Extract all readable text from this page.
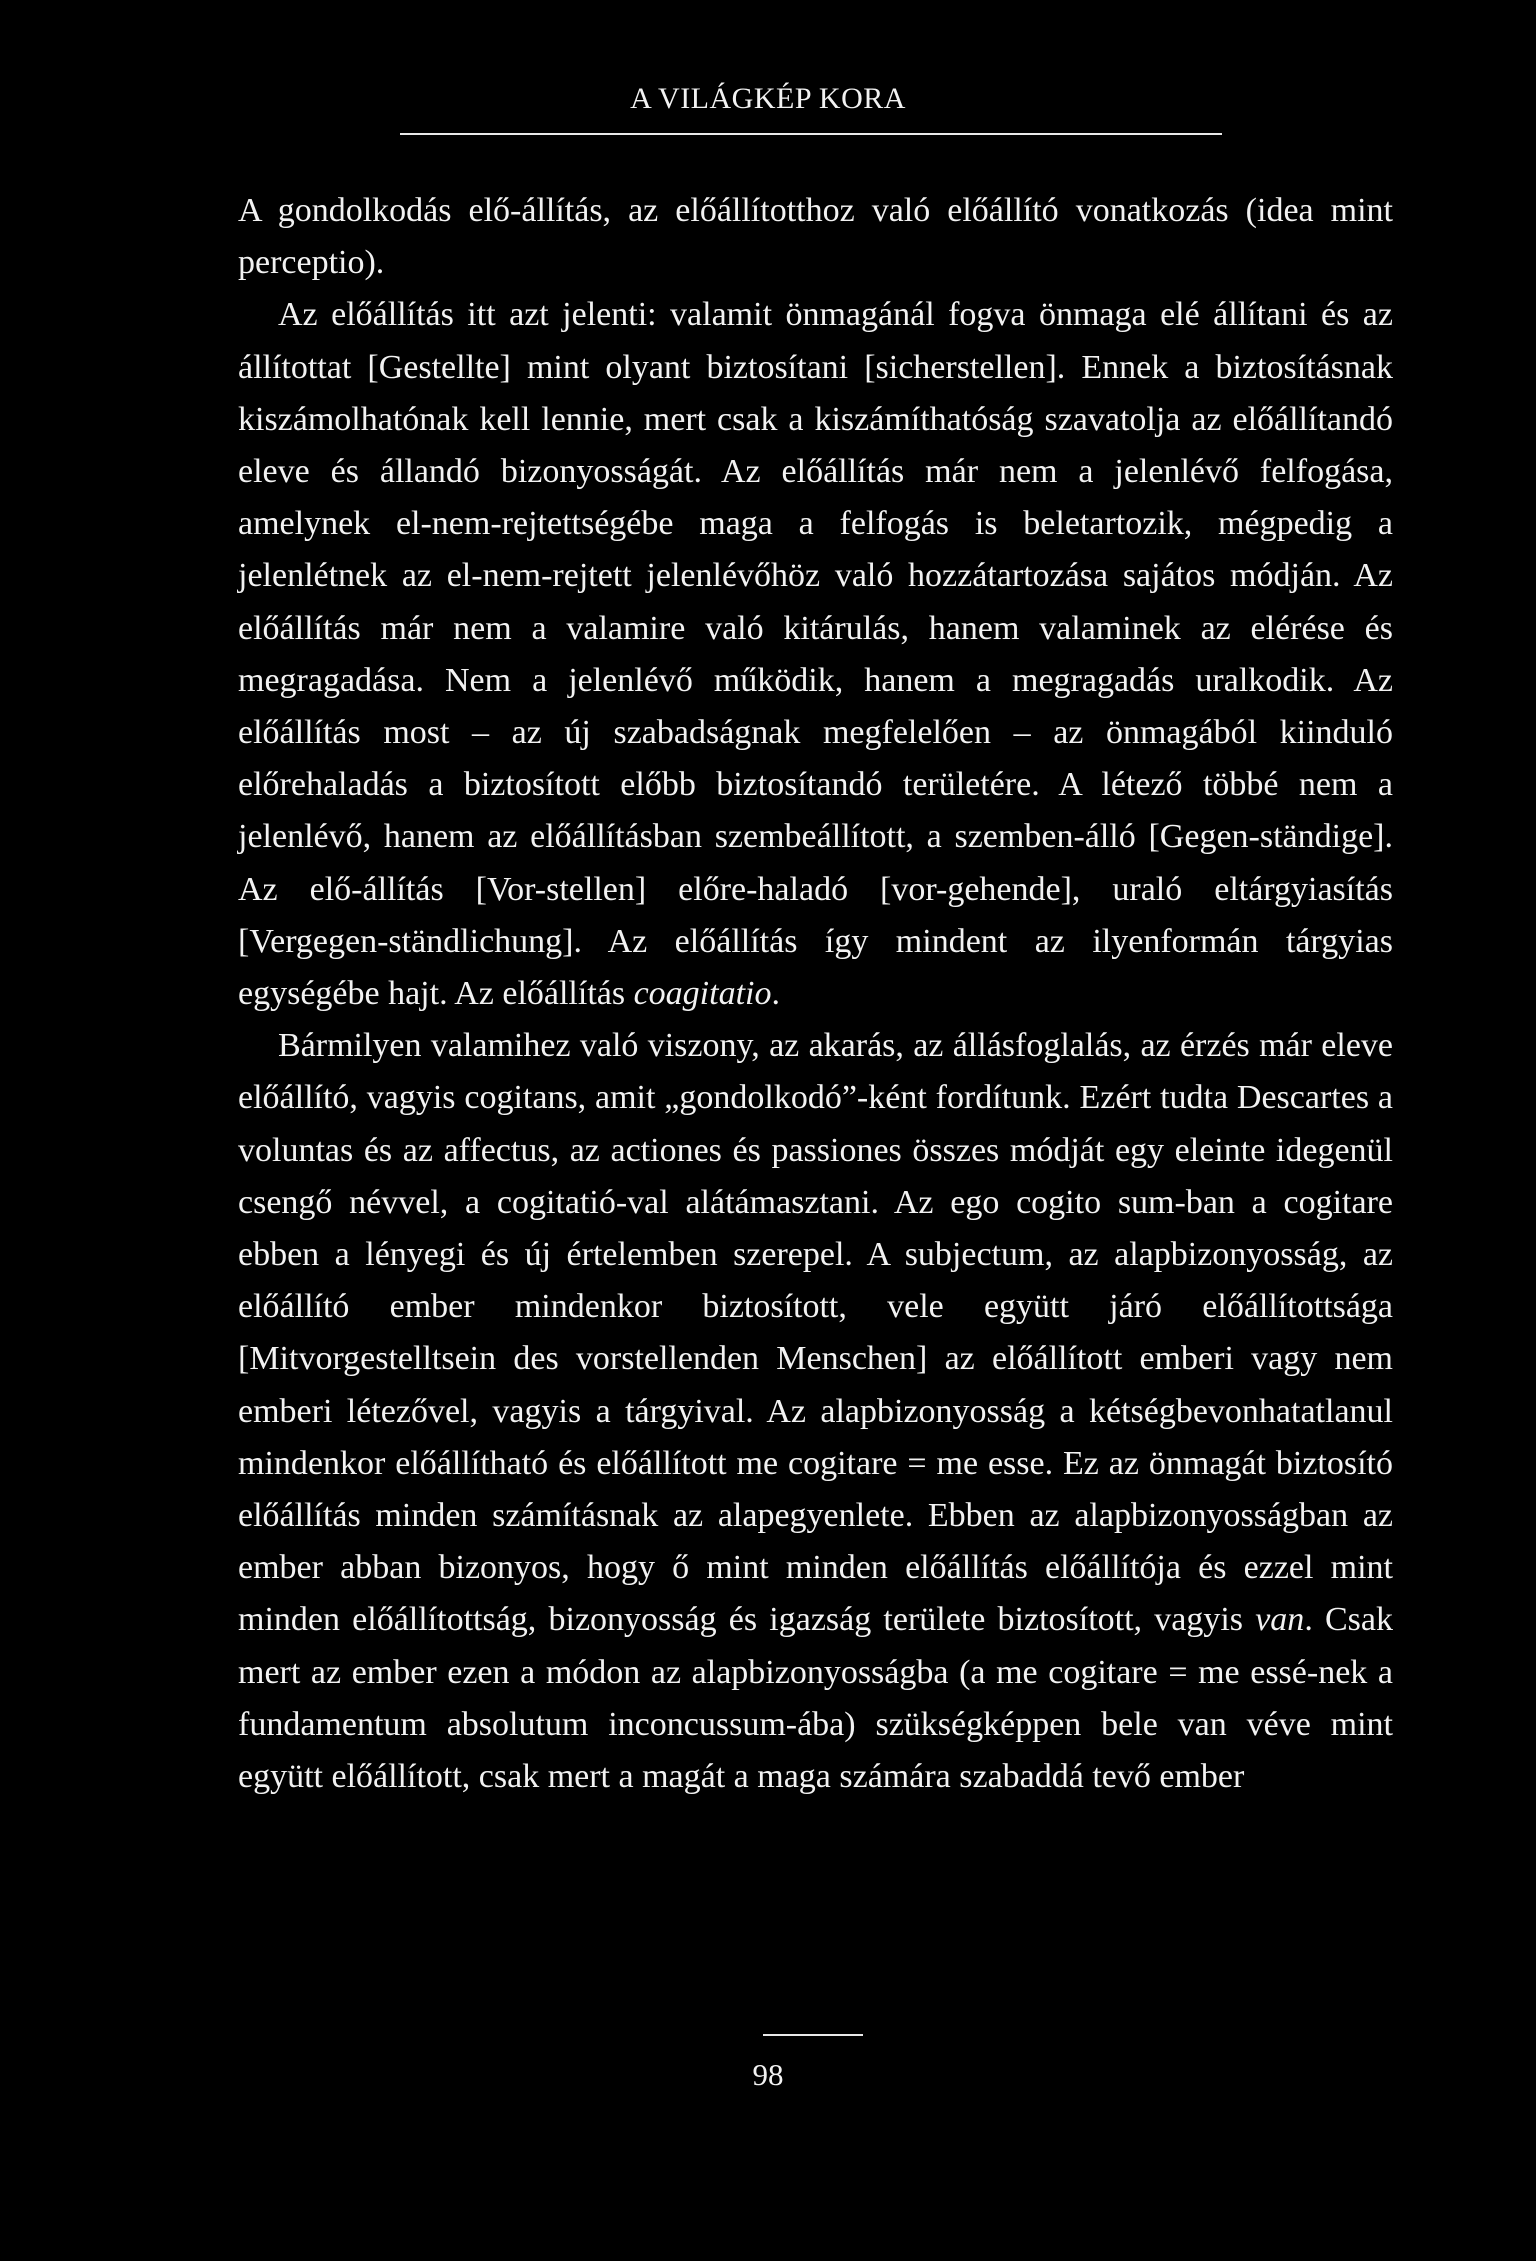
A VILÁGKÉP KORA

A gondolkodás elő-állítás, az előállítotthoz való előállító vonatkozás (idea mint perceptio).

Az előállítás itt azt jelenti: valamit önmagánál fogva önmaga elé állítani és az állítottat [Gestellte] mint olyant biztosítani [sicherstellen]. Ennek a biztosításnak kiszámolhatónak kell lennie, mert csak a kiszámíthatóság szavatolja az előállítandó eleve és állandó bizonyosságát. Az előállítás már nem a jelenlévő felfogása, amelynek el-nem-rejtettségébe maga a felfogás is beletartozik, mégpedig a jelenlétnek az el-nem-rejtett jelenlévőhöz való hozzátartozása sajátos módján. Az előállítás már nem a valamire való kitárulás, hanem valaminek az elérése és megragadása. Nem a jelenlévő működik, hanem a megragadás uralkodik. Az előállítás most – az új szabadságnak megfelelően – az önmagából kiinduló előrehaladás a biztosított előbb biztosítandó területére. A létező többé nem a jelenlévő, hanem az előállításban szembeállított, a szemben-álló [Gegen-ständige]. Az elő-állítás [Vor-stellen] előre-haladó [vor-gehende], uraló eltárgyiasítás [Vergegen-ständlichung]. Az előállítás így mindent az ilyenformán tárgyias egységébe hajt. Az előállítás coagitatio.

Bármilyen valamihez való viszony, az akarás, az állásfoglalás, az érzés már eleve előállító, vagyis cogitans, amit „gondolkodó”-ként fordítunk. Ezért tudta Descartes a voluntas és az affectus, az actiones és passiones összes módját egy eleinte idegenül csengő névvel, a cogitatió-val alátámasztani. Az ego cogito sum-ban a cogitare ebben a lényegi és új értelemben szerepel. A subjectum, az alapbizonyosság, az előállító ember mindenkor biztosított, vele együtt járó előállítottsága [Mitvorgestelltsein des vorstellenden Menschen] az előállított emberi vagy nem emberi létezővel, vagyis a tárgyival. Az alapbizonyosság a kétségbevonhatatlanul mindenkor előállítható és előállított me cogitare = me esse. Ez az önmagát biztosító előállítás minden számításnak az alapegyenlete. Ebben az alapbizonyosságban az ember abban bizonyos, hogy ő mint minden előállítás előállítója és ezzel mint minden előállítottság, bizonyosság és igazság területe biztosított, vagyis van. Csak mert az ember ezen a módon az alapbizonyosságba (a me cogitare = me essé-nek a fundamentum absolutum inconcussum-ába) szükségképpen bele van véve mint együtt előállított, csak mert a magát a maga számára szabaddá tevő ember

98
